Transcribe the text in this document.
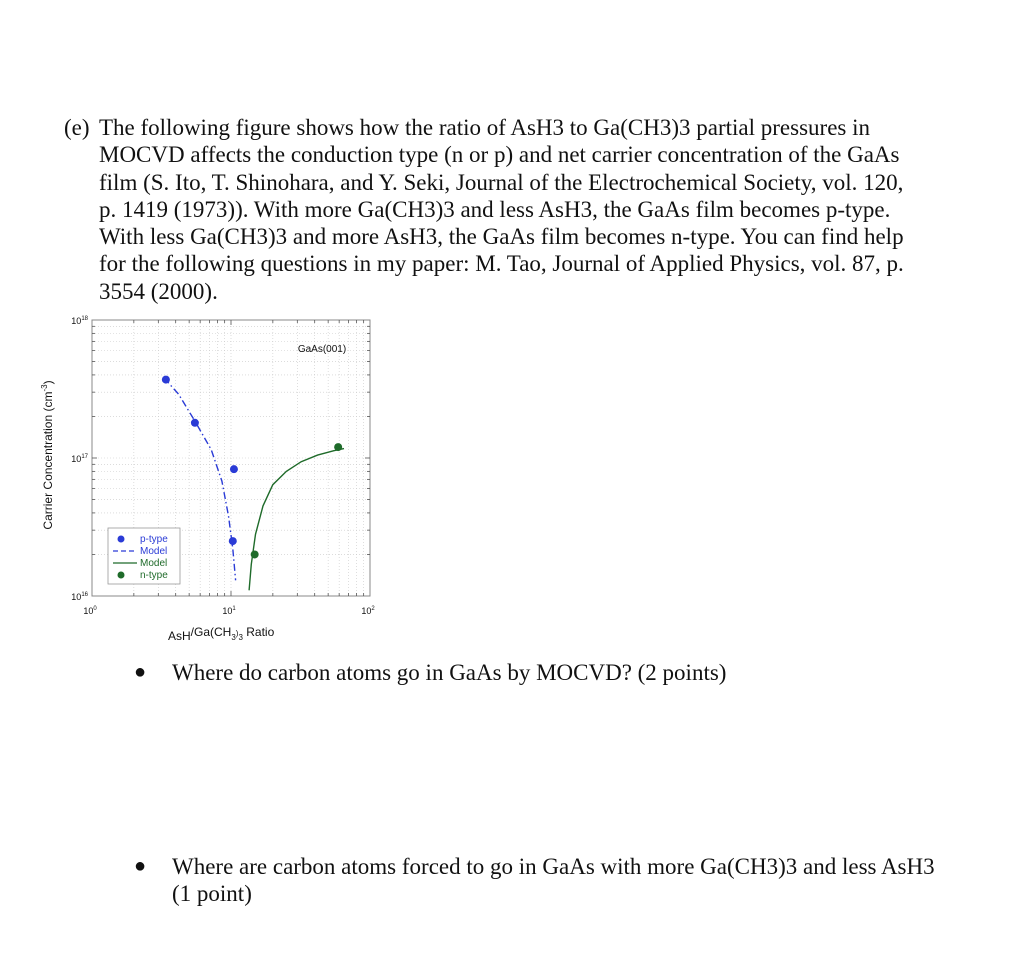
(e) The following figure shows how the ratio of AsH3 to Ga(CH3)3 partial pressures in
MOCVD affects the conduction type (n or p) and net carrier concentration of the GaAs
film (S. Ito, T. Shinohara, and Y. Seki, Journal of the Electrochemical Society, vol. 120,
p. 1419 (1973)). With more Ga(CH3)3 and less AsH3, the GaAs film becomes p-type.
With less Ga(CH3)3 and more AsH3, the GaAs film becomes n-type. You can find help
for the following questions in my paper: M. Tao, Journal of Applied Physics, vol. 87, p.
3554 (2000).
$10^0$	$10^1$	$10^2$
$10^{16}$
$10^{17}$
$10^{18}$
GaAs(001)
AsH/$Ga(CH_3^)_3$ Ratio
Carrier Concentration $(cm^{-3})$
p-type
Model
Model
n-type
● Where do carbon atoms go in GaAs by MOCVD? (2 points)
● Where are carbon atoms forced to go in GaAs with more Ga(CH3)3 and less AsH3
(1 point)
